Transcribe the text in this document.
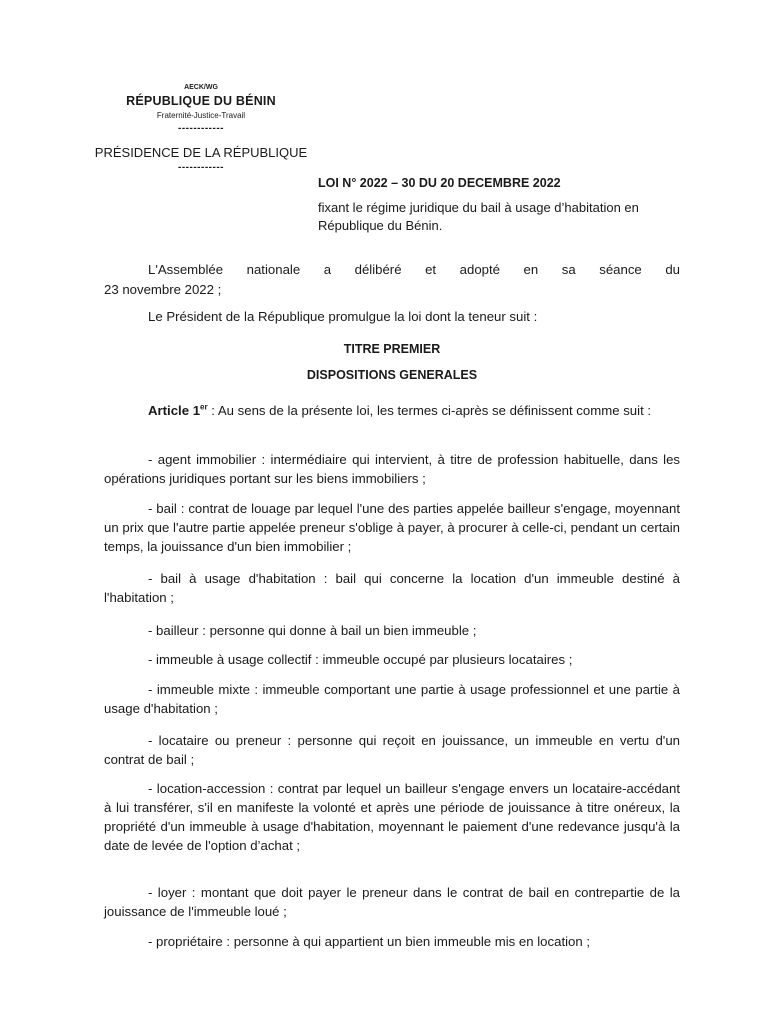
AECK/WG
RÉPUBLIQUE DU BÉNIN
Fraternité-Justice-Travail
------------
PRÉSIDENCE DE LA RÉPUBLIQUE
------------
LOI N° 2022 – 30 DU 20 DECEMBRE 2022
fixant le régime juridique du bail à usage d’habitation en République du Bénin.
L'Assemblée nationale a délibéré et adopté en sa séance du
23 novembre 2022 ;
Le Président de la République promulgue la loi dont la teneur suit :
TITRE PREMIER
DISPOSITIONS GENERALES
Article 1er : Au sens de la présente loi, les termes ci-après se définissent comme suit :
- agent immobilier : intermédiaire qui intervient, à titre de profession habituelle, dans les opérations juridiques portant sur les biens immobiliers ;
- bail : contrat de louage par lequel l'une des parties appelée bailleur s'engage, moyennant un prix que l'autre partie appelée preneur s'oblige à payer, à procurer à celle-ci, pendant un certain temps, la jouissance d'un bien immobilier ;
- bail à usage d'habitation : bail qui concerne la location d'un immeuble destiné à l'habitation ;
- bailleur : personne qui donne à bail un bien immeuble ;
- immeuble à usage collectif : immeuble occupé par plusieurs locataires ;
- immeuble mixte : immeuble comportant une partie à usage professionnel et une partie à usage d'habitation ;
- locataire ou preneur : personne qui reçoit en jouissance, un immeuble en vertu d'un contrat de bail ;
- location-accession : contrat par lequel un bailleur s'engage envers un locataire-accédant à lui transférer, s'il en manifeste la volonté et après une période de jouissance à titre onéreux, la propriété d'un immeuble à usage d'habitation, moyennant le paiement d'une redevance jusqu'à la date de levée de l'option d’achat ;
- loyer : montant que doit payer le preneur dans le contrat de bail en contrepartie de la jouissance de l'immeuble loué ;
- propriétaire : personne à qui appartient un bien immeuble mis en location ;
